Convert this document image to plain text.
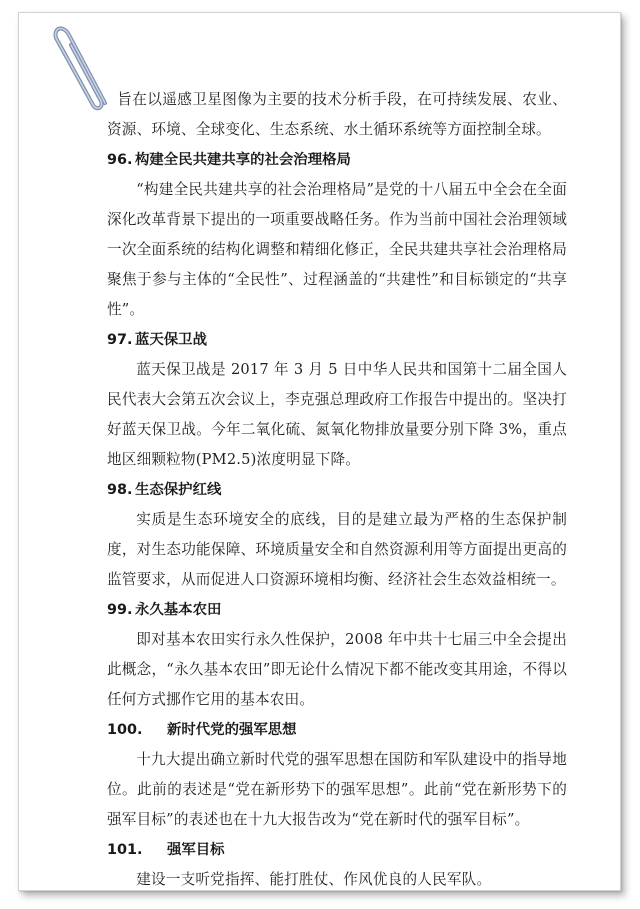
旨在以遥感卫星图像为主要的技术分析手段，在可持续发展、农业、资源、环境、全球变化、生态系统、水土循环系统等方面控制全球。

96. 构建全民共建共享的社会治理格局

“构建全民共建共享的社会治理格局”是党的十八届五中全会在全面深化改革背景下提出的一项重要战略任务。作为当前中国社会治理领域一次全面系统的结构化调整和精细化修正，全民共建共享社会治理格局聚焦于参与主体的“全民性”、过程涵盖的“共建性”和目标锁定的“共享性”。

97. 蓝天保卫战

蓝天保卫战是 2017 年 3 月 5 日中华人民共和国第十二届全国人民代表大会第五次会议上，李克强总理政府工作报告中提出的。坚决打好蓝天保卫战。今年二氧化硫、氮氧化物排放量要分别下降 3%，重点地区细颗粒物(PM2.5)浓度明显下降。

98. 生态保护红线

实质是生态环境安全的底线，目的是建立最为严格的生态保护制度，对生态功能保障、环境质量安全和自然资源利用等方面提出更高的监管要求，从而促进人口资源环境相均衡、经济社会生态效益相统一。

99. 永久基本农田

即对基本农田实行永久性保护，2008 年中共十七届三中全会提出此概念，“永久基本农田”即无论什么情况下都不能改变其用途，不得以任何方式挪作它用的基本农田。

100. 新时代党的强军思想

十九大提出确立新时代党的强军思想在国防和军队建设中的指导地位。此前的表述是“党在新形势下的强军思想”。此前“党在新形势下的强军目标”的表述也在十九大报告改为“党在新时代的强军目标”。

101. 强军目标

建设一支听党指挥、能打胜仗、作风优良的人民军队。
